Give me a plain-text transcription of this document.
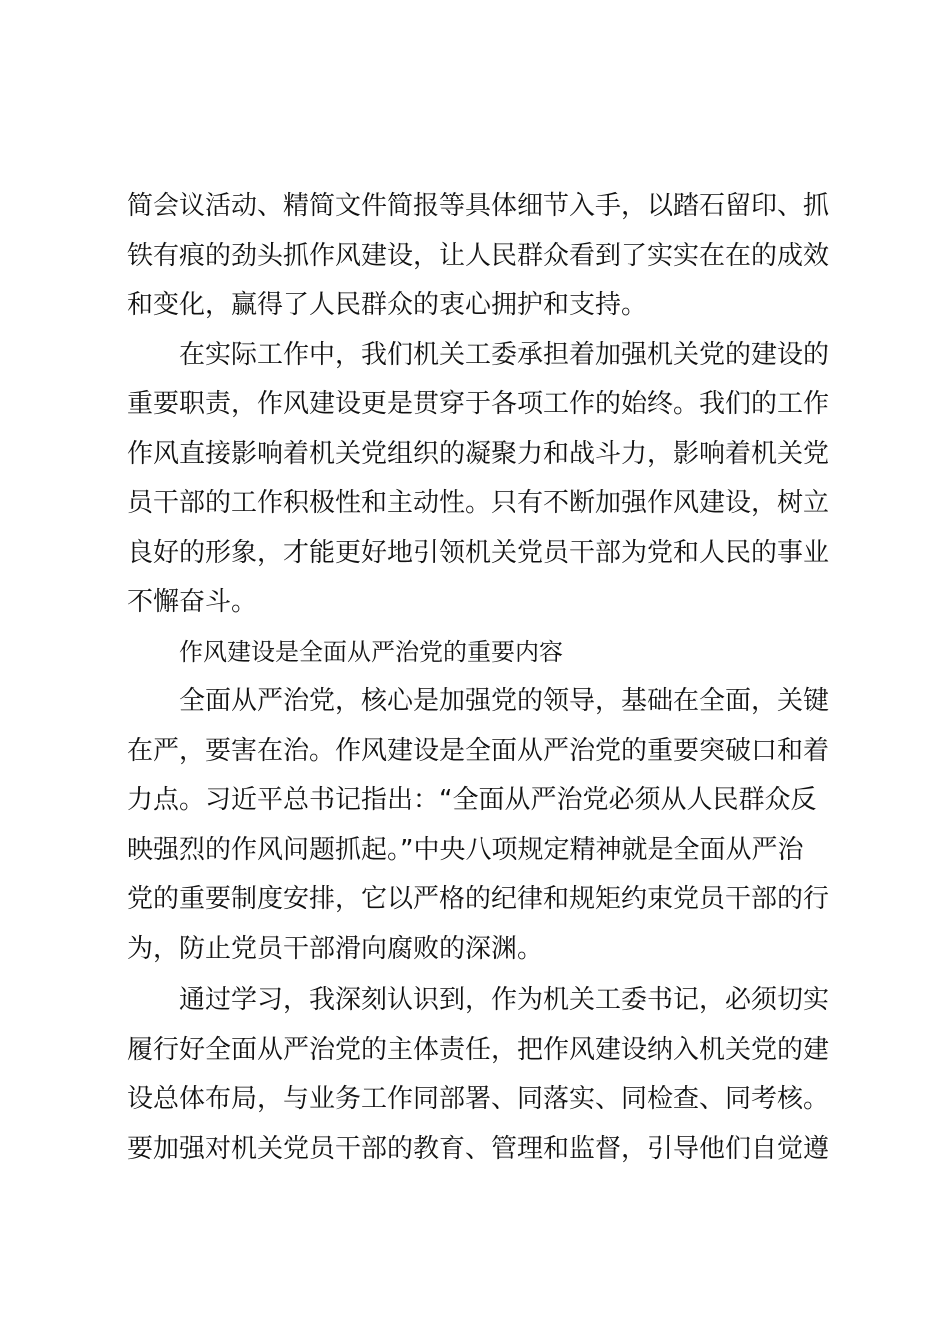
简会议活动、精简文件简报等具体细节入手，以踏石留印、抓
铁有痕的劲头抓作风建设，让人民群众看到了实实在在的成效
和变化，赢得了人民群众的衷心拥护和支持。
在实际工作中，我们机关工委承担着加强机关党的建设的
重要职责，作风建设更是贯穿于各项工作的始终。我们的工作
作风直接影响着机关党组织的凝聚力和战斗力，影响着机关党
员干部的工作积极性和主动性。只有不断加强作风建设，树立
良好的形象，才能更好地引领机关党员干部为党和人民的事业
不懈奋斗。
作风建设是全面从严治党的重要内容
全面从严治党，核心是加强党的领导，基础在全面，关键
在严，要害在治。作风建设是全面从严治党的重要突破口和着
力点。习近平总书记指出：“全面从严治党必须从人民群众反
映强烈的作风问题抓起。”中央八项规定精神就是全面从严治
党的重要制度安排，它以严格的纪律和规矩约束党员干部的行
为，防止党员干部滑向腐败的深渊。
通过学习，我深刻认识到，作为机关工委书记，必须切实
履行好全面从严治党的主体责任，把作风建设纳入机关党的建
设总体布局，与业务工作同部署、同落实、同检查、同考核。
要加强对机关党员干部的教育、管理和监督，引导他们自觉遵
